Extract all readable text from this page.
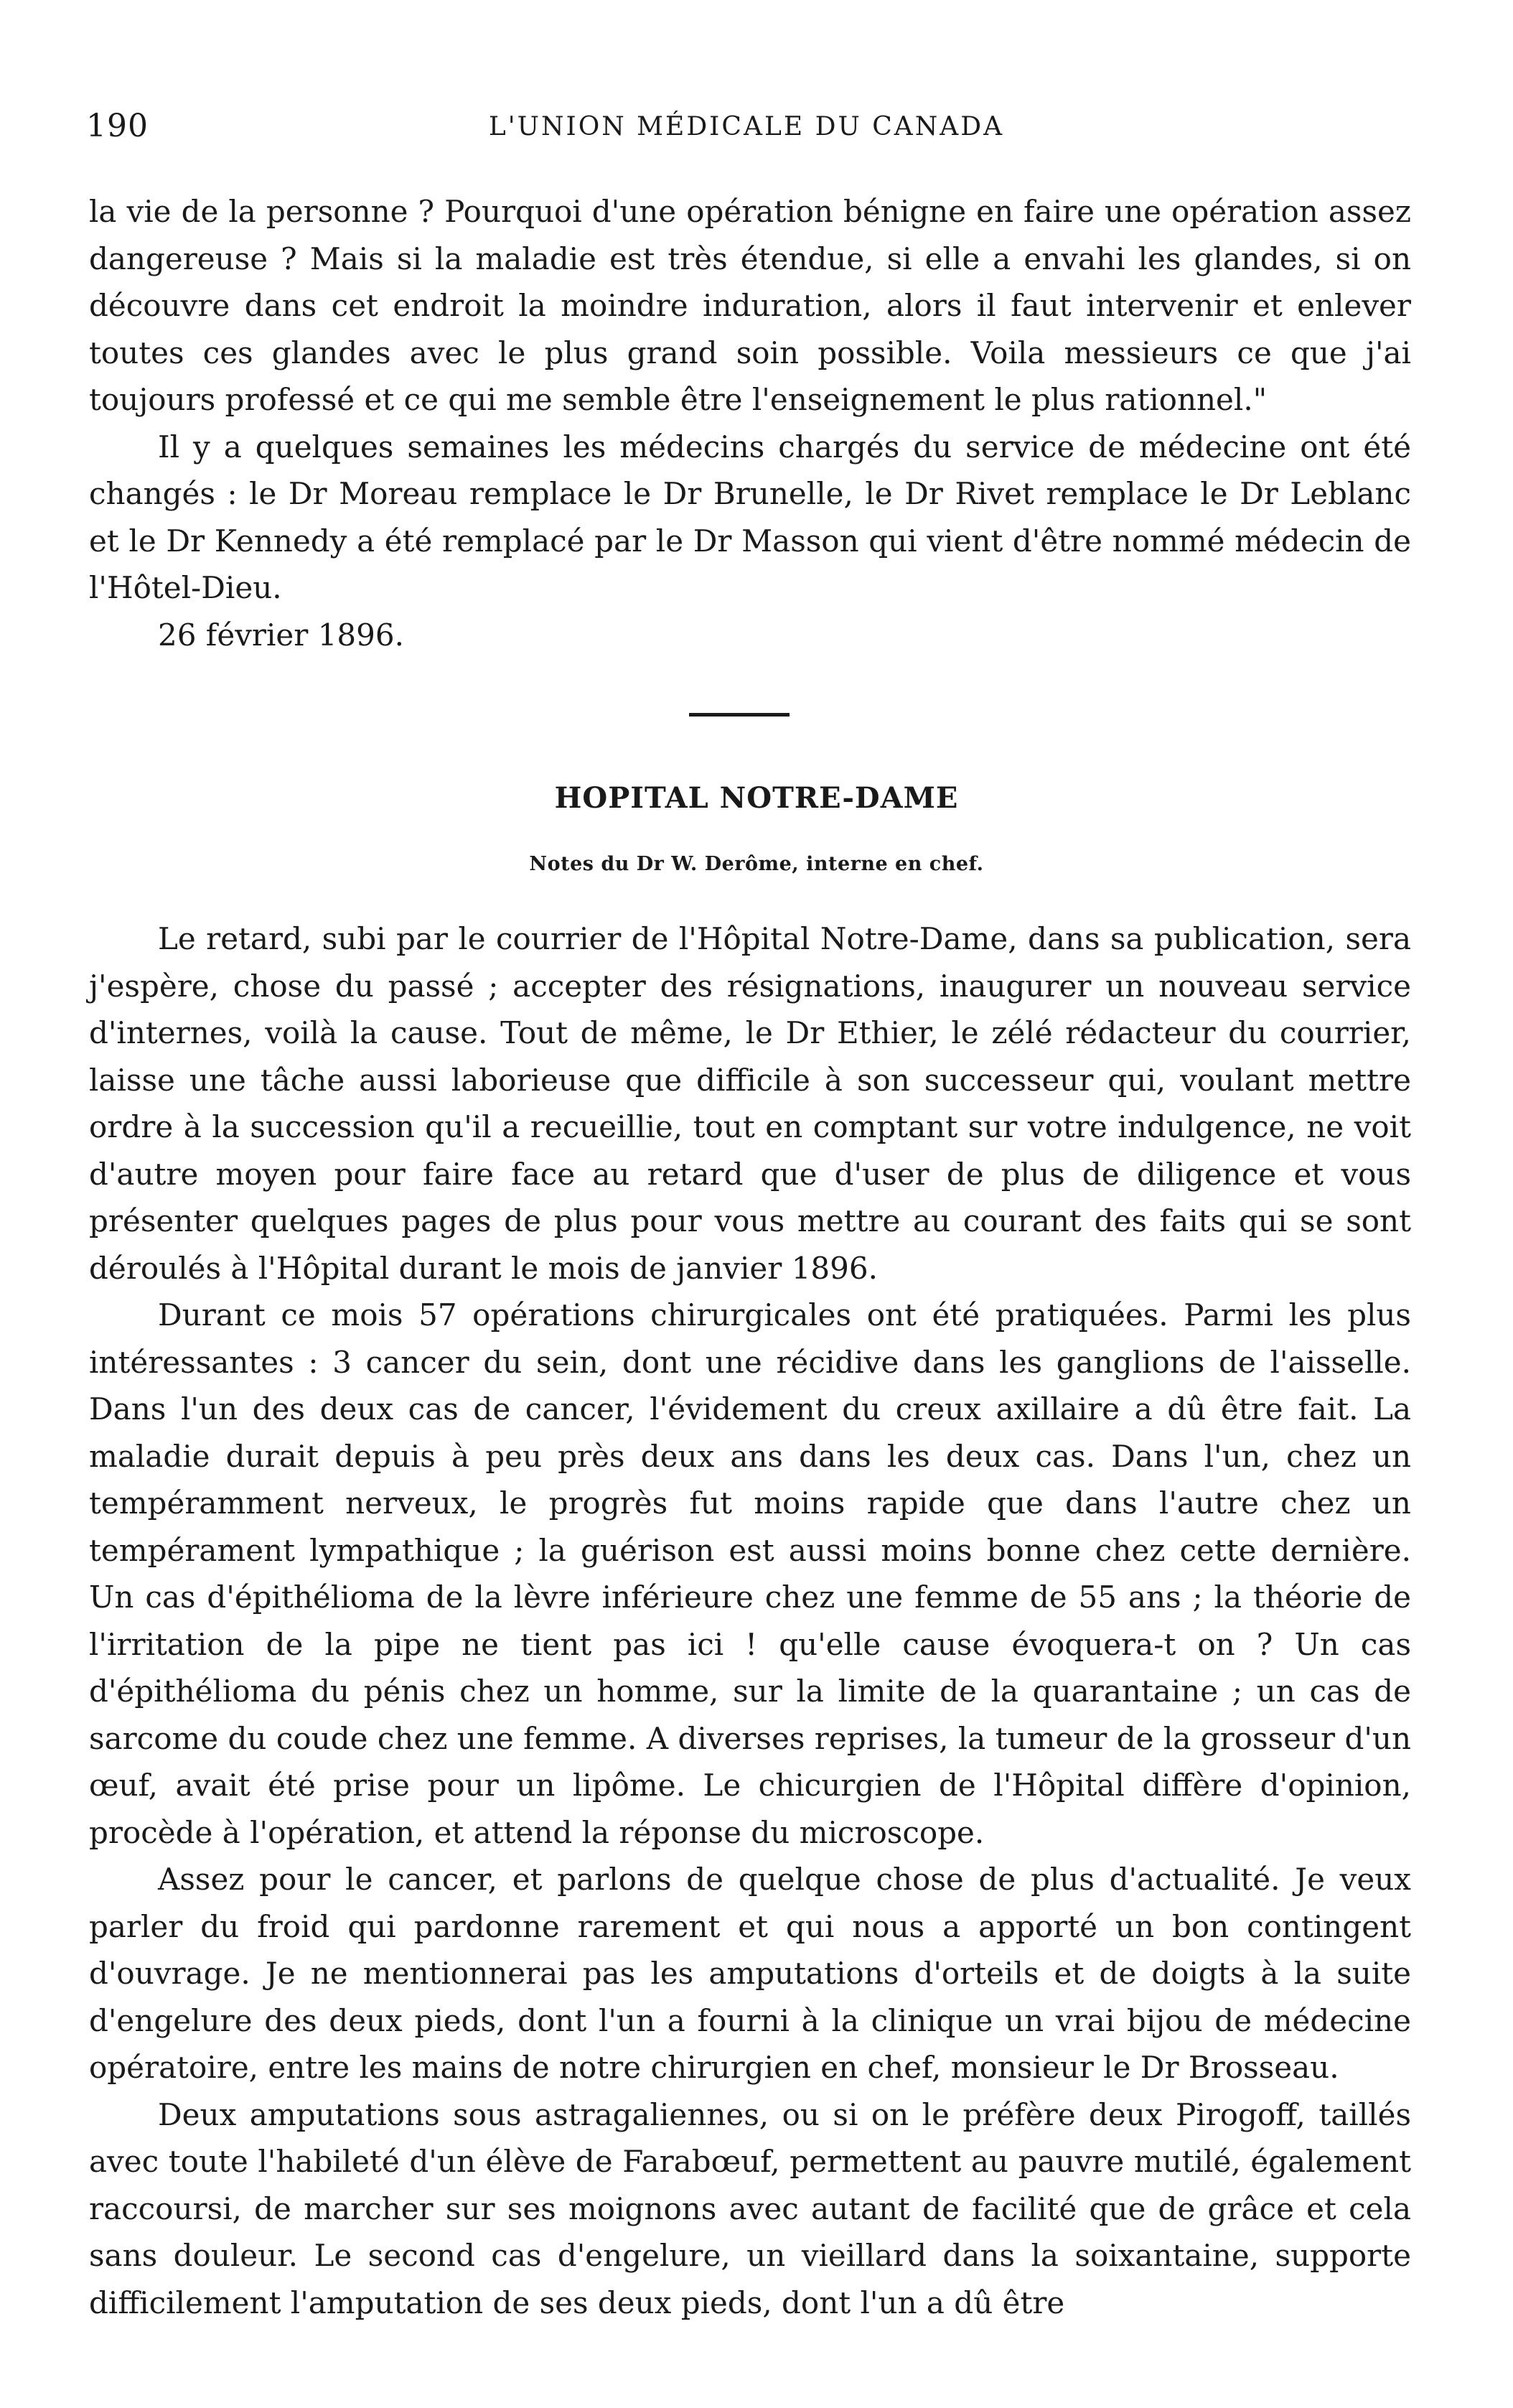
190	L'UNION MÉDICALE DU CANADA

la vie de la personne ? Pourquoi d'une opération bénigne en faire une opération assez dangereuse ? Mais si la maladie est très étendue, si elle a envahi les glandes, si on découvre dans cet endroit la moindre induration, alors il faut intervenir et enlever toutes ces glandes avec le plus grand soin possible. Voila messieurs ce que j'ai toujours professé et ce qui me semble être l'enseignement le plus rationnel."

Il y a quelques semaines les médecins chargés du service de médecine ont été changés : le Dr Moreau remplace le Dr Brunelle, le Dr Rivet remplace le Dr Leblanc et le Dr Kennedy a été remplacé par le Dr Masson qui vient d'être nommé médecin de l'Hôtel-Dieu.

26 février 1896.

HOPITAL NOTRE-DAME
Notes du Dr W. Derôme, interne en chef.

Le retard, subi par le courrier de l'Hôpital Notre-Dame, dans sa publication, sera j'espère, chose du passé ; accepter des résignations, inaugurer un nouveau service d'internes, voilà la cause. Tout de même, le Dr Ethier, le zélé rédacteur du courrier, laisse une tâche aussi laborieuse que difficile à son successeur qui, voulant mettre ordre à la succession qu'il a recueillie, tout en comptant sur votre indulgence, ne voit d'autre moyen pour faire face au retard que d'user de plus de diligence et vous présenter quelques pages de plus pour vous mettre au courant des faits qui se sont déroulés à l'Hôpital durant le mois de janvier 1896.

Durant ce mois 57 opérations chirurgicales ont été pratiquées. Parmi les plus intéressantes : 3 cancer du sein, dont une récidive dans les ganglions de l'aisselle. Dans l'un des deux cas de cancer, l'évidement du creux axillaire a dû être fait. La maladie durait depuis à peu près deux ans dans les deux cas. Dans l'un, chez un tempéramment nerveux, le progrès fut moins rapide que dans l'autre chez un tempérament lympathique ; la guérison est aussi moins bonne chez cette dernière. Un cas d'épithélioma de la lèvre inférieure chez une femme de 55 ans ; la théorie de l'irritation de la pipe ne tient pas ici ! qu'elle cause évoquera-t on ? Un cas d'épithélioma du pénis chez un homme, sur la limite de la quarantaine ; un cas de sarcome du coude chez une femme. A diverses reprises, la tumeur de la grosseur d'un œuf, avait été prise pour un lipôme. Le chicurgien de l'Hôpital diffère d'opinion, procède à l'opération, et attend la réponse du microscope.

Assez pour le cancer, et parlons de quelque chose de plus d'actualité. Je veux parler du froid qui pardonne rarement et qui nous a apporté un bon contingent d'ouvrage. Je ne mentionnerai pas les amputations d'orteils et de doigts à la suite d'engelure des deux pieds, dont l'un a fourni à la clinique un vrai bijou de médecine opératoire, entre les mains de notre chirurgien en chef, monsieur le Dr Brosseau.

Deux amputations sous astragaliennes, ou si on le préfère deux Pirogoff, taillés avec toute l'habileté d'un élève de Farabœuf, permettent au pauvre mutilé, également raccoursi, de marcher sur ses moignons avec autant de facilité que de grâce et cela sans douleur. Le second cas d'engelure, un vieillard dans la soixantaine, supporte difficilement l'amputation de ses deux pieds, dont l'un a dû être
